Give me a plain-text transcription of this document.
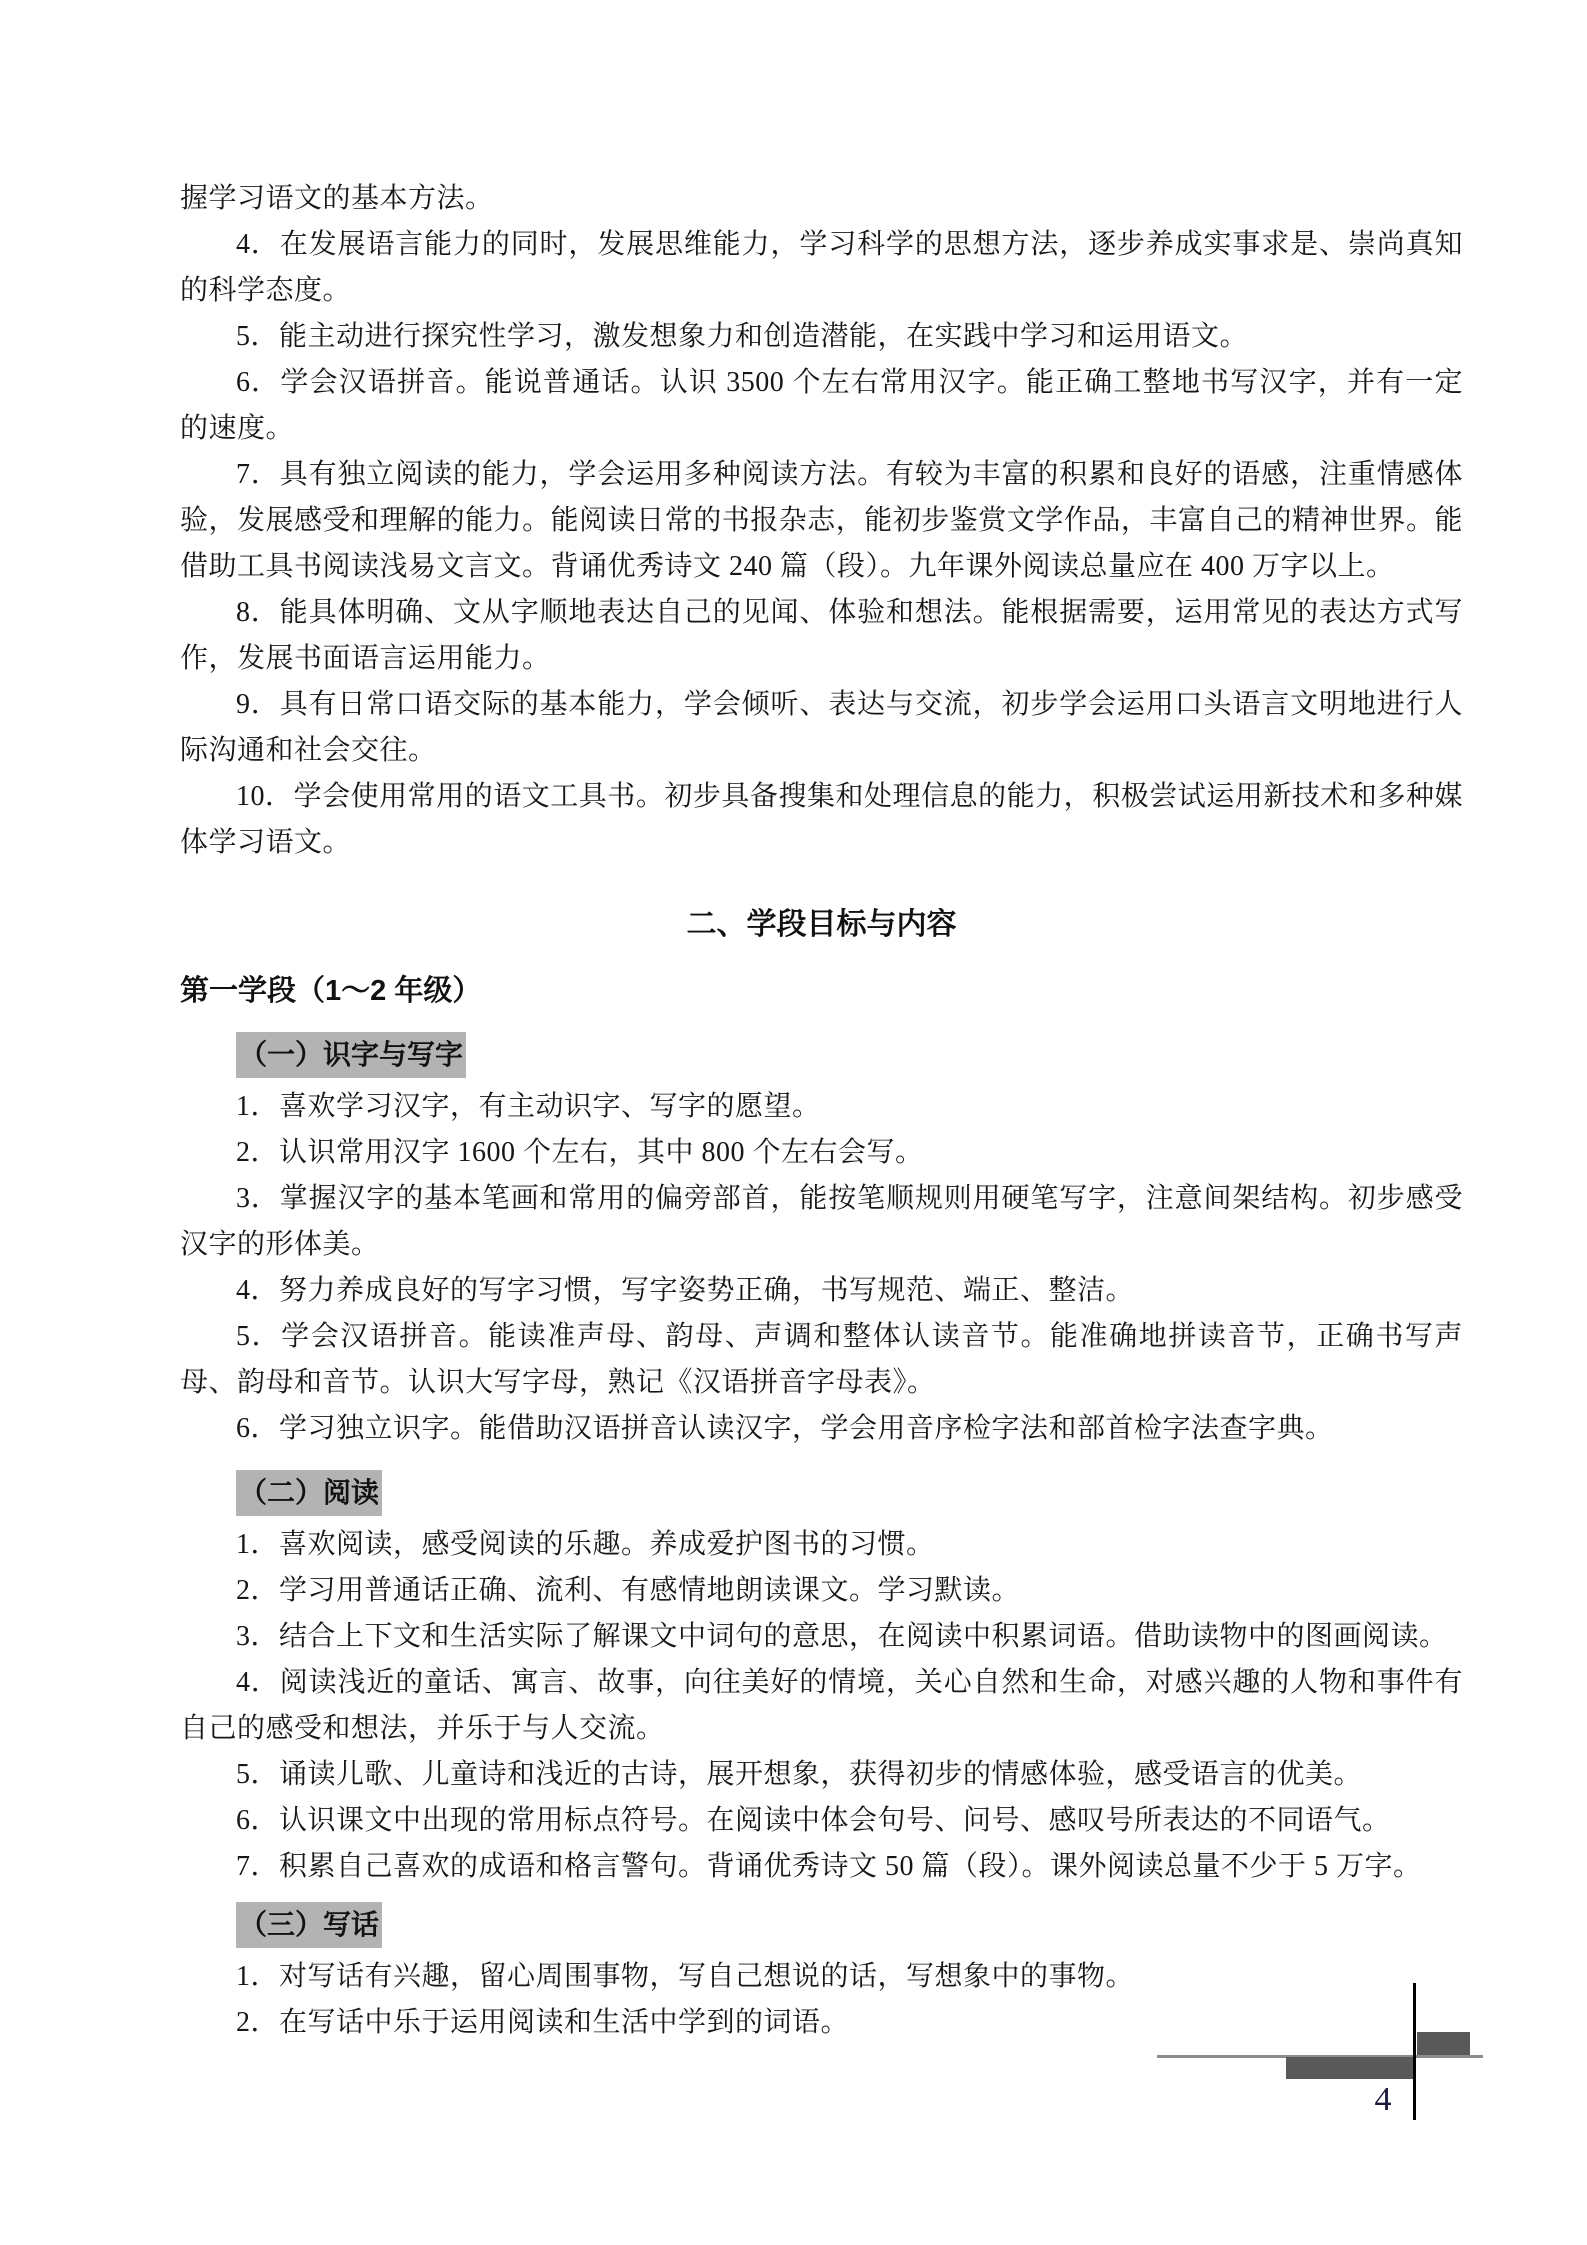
握学习语文的基本方法。

4．在发展语言能力的同时，发展思维能力，学习科学的思想方法，逐步养成实事求是、崇尚真知的科学态度。

5．能主动进行探究性学习，激发想象力和创造潜能，在实践中学习和运用语文。

6．学会汉语拼音。能说普通话。认识 3500 个左右常用汉字。能正确工整地书写汉字，并有一定的速度。

7．具有独立阅读的能力，学会运用多种阅读方法。有较为丰富的积累和良好的语感，注重情感体验，发展感受和理解的能力。能阅读日常的书报杂志，能初步鉴赏文学作品，丰富自己的精神世界。能借助工具书阅读浅易文言文。背诵优秀诗文 240 篇（段）。九年课外阅读总量应在 400 万字以上。

8．能具体明确、文从字顺地表达自己的见闻、体验和想法。能根据需要，运用常见的表达方式写作，发展书面语言运用能力。

9．具有日常口语交际的基本能力，学会倾听、表达与交流，初步学会运用口头语言文明地进行人际沟通和社会交往。

10．学会使用常用的语文工具书。初步具备搜集和处理信息的能力，积极尝试运用新技术和多种媒体学习语文。

二、学段目标与内容
第一学段（1～2 年级）
（一）识字与写字

1．喜欢学习汉字，有主动识字、写字的愿望。

2．认识常用汉字 1600 个左右，其中 800 个左右会写。

3．掌握汉字的基本笔画和常用的偏旁部首，能按笔顺规则用硬笔写字，注意间架结构。初步感受汉字的形体美。

4．努力养成良好的写字习惯，写字姿势正确，书写规范、端正、整洁。

5．学会汉语拼音。能读准声母、韵母、声调和整体认读音节。能准确地拼读音节，正确书写声母、韵母和音节。认识大写字母，熟记《汉语拼音字母表》。

6．学习独立识字。能借助汉语拼音认读汉字，学会用音序检字法和部首检字法查字典。

（二）阅读

1．喜欢阅读，感受阅读的乐趣。养成爱护图书的习惯。

2．学习用普通话正确、流利、有感情地朗读课文。学习默读。

3．结合上下文和生活实际了解课文中词句的意思，在阅读中积累词语。借助读物中的图画阅读。

4．阅读浅近的童话、寓言、故事，向往美好的情境，关心自然和生命，对感兴趣的人物和事件有自己的感受和想法，并乐于与人交流。

5．诵读儿歌、儿童诗和浅近的古诗，展开想象，获得初步的情感体验，感受语言的优美。

6．认识课文中出现的常用标点符号。在阅读中体会句号、问号、感叹号所表达的不同语气。

7．积累自己喜欢的成语和格言警句。背诵优秀诗文 50 篇（段）。课外阅读总量不少于 5 万字。

（三）写话

1．对写话有兴趣，留心周围事物，写自己想说的话，写想象中的事物。

2．在写话中乐于运用阅读和生活中学到的词语。

4
